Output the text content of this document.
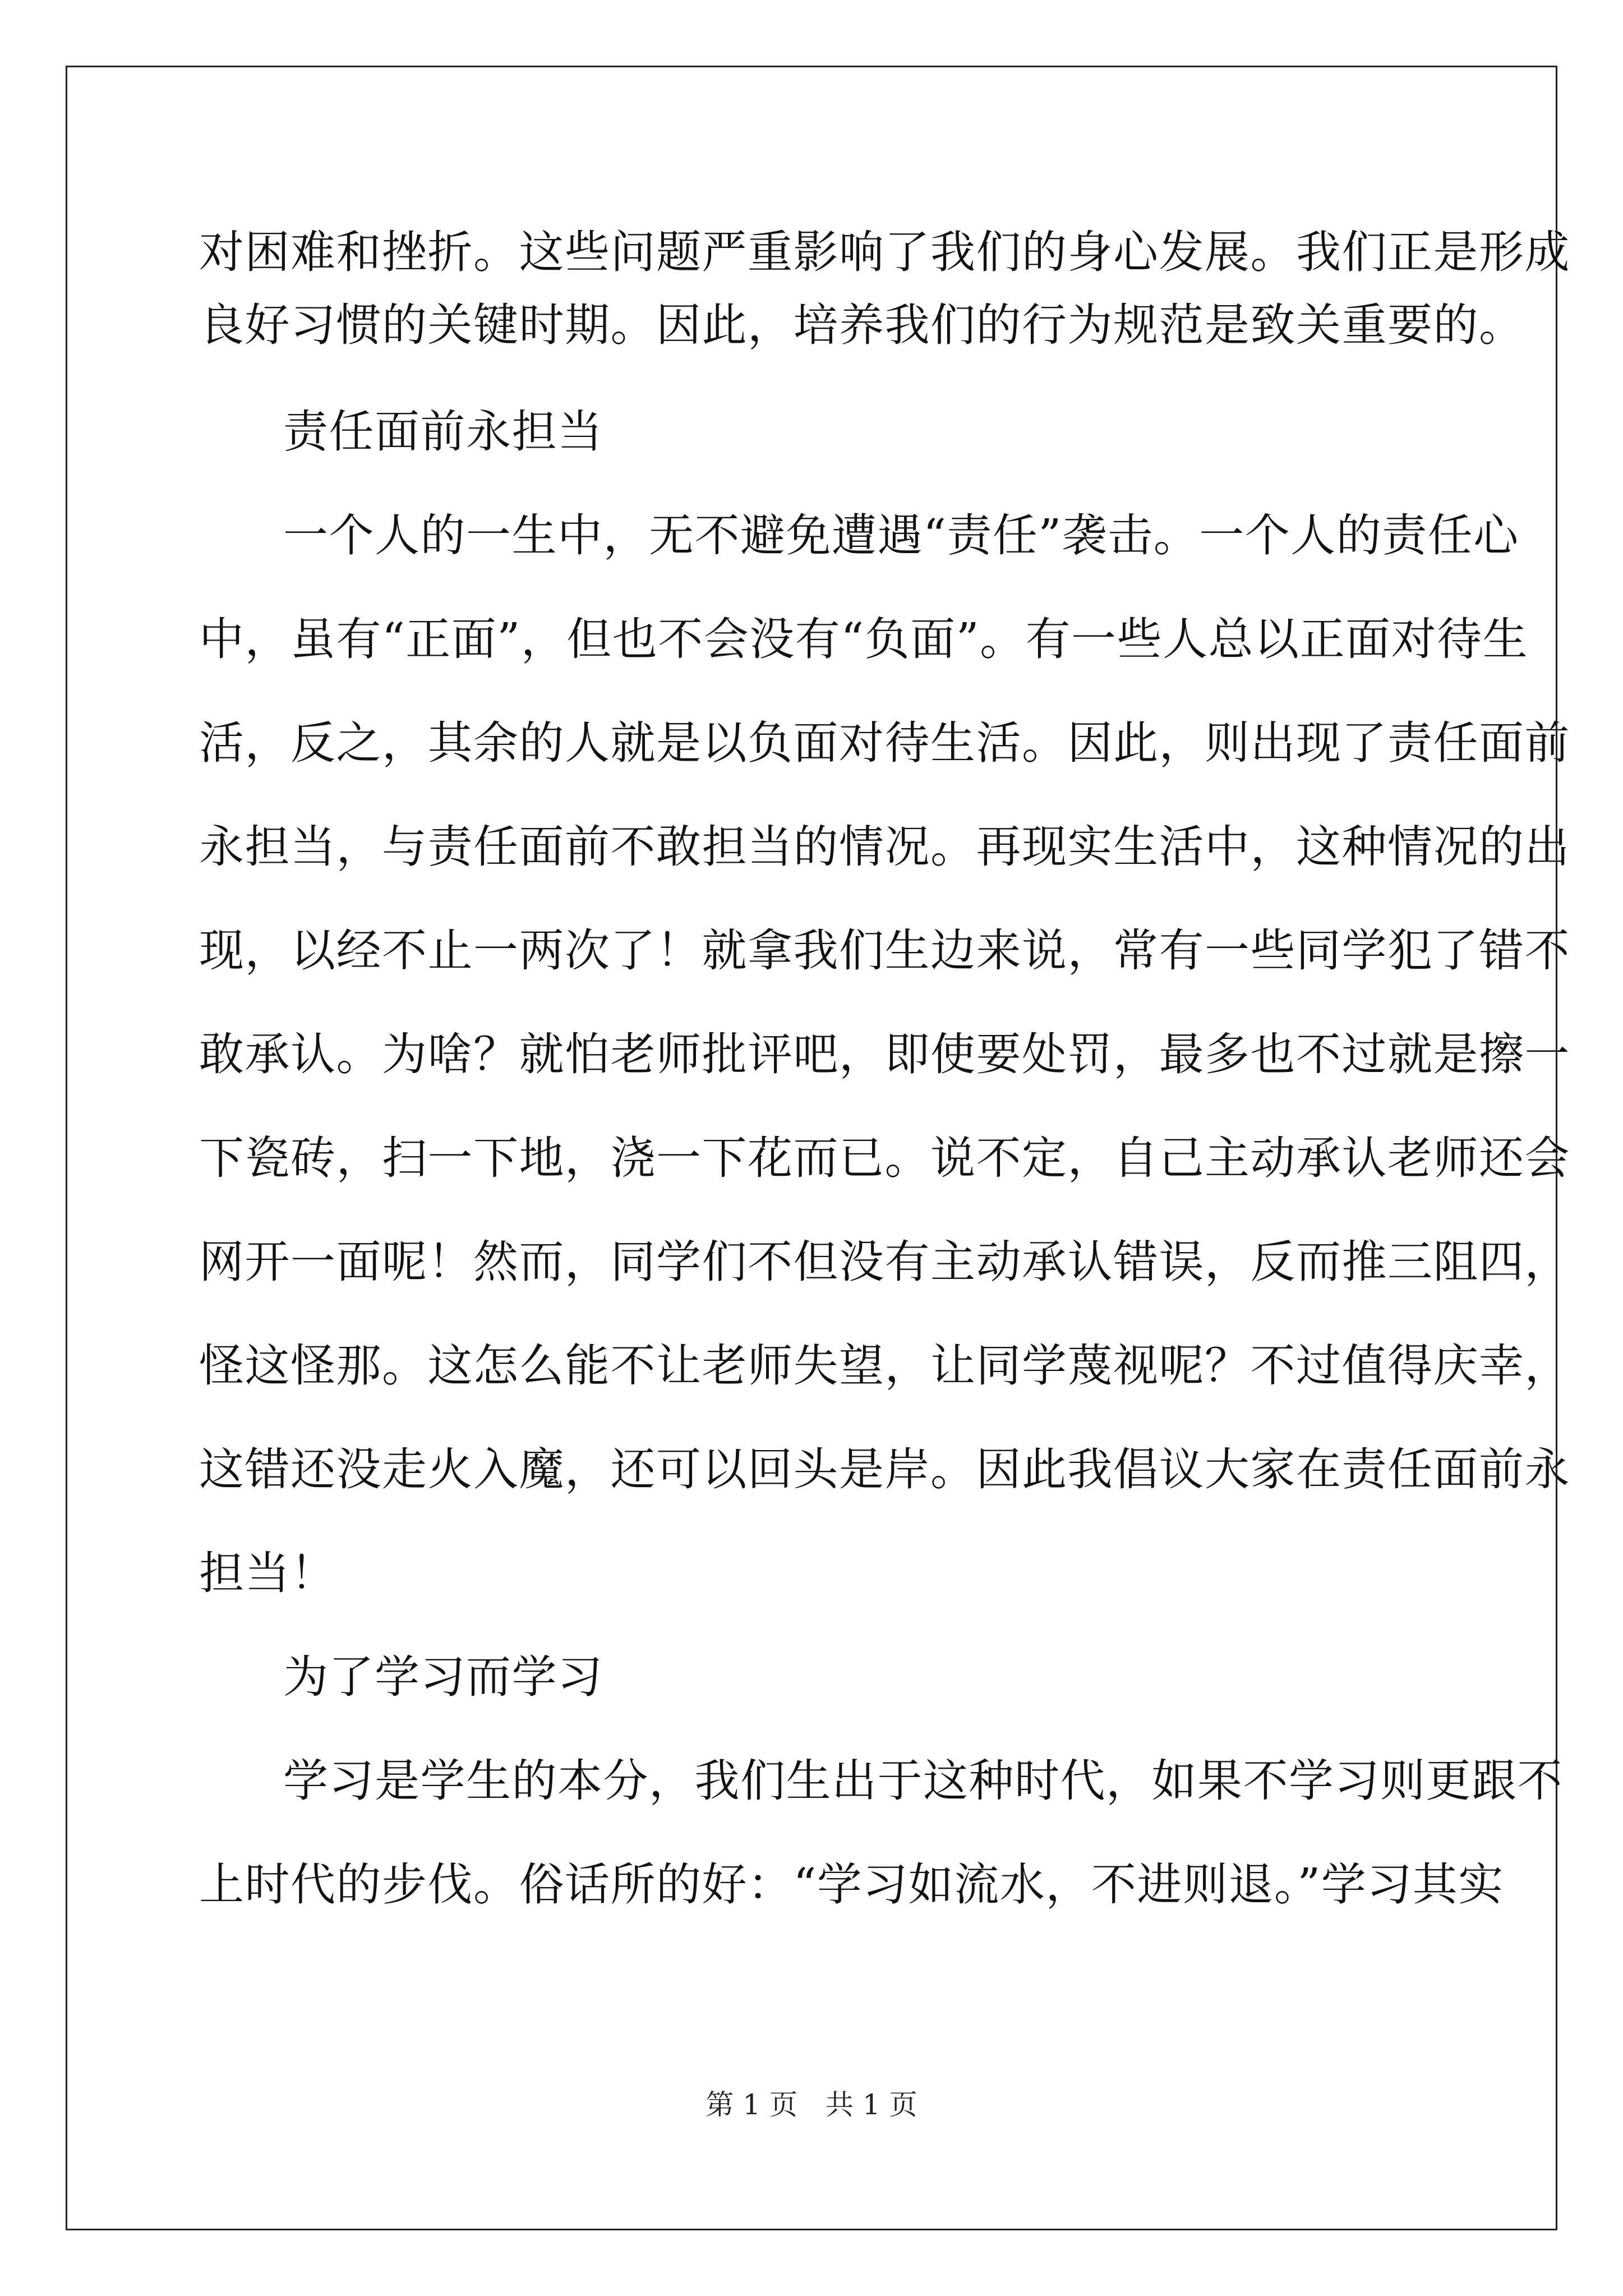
对困难和挫折。这些问题严重影响了我们的身心发展。我们正是形成
良好习惯的关键时期。因此，培养我们的行为规范是致关重要的。
责任面前永担当
一个人的一生中，无不避免遭遇“责任”袭击。一个人的责任心
中，虽有“正面”，但也不会没有“负面”。有一些人总以正面对待生
活，反之，其余的人就是以负面对待生活。因此，则出现了责任面前
永担当，与责任面前不敢担当的情况。再现实生活中，这种情况的出
现，以经不止一两次了！就拿我们生边来说，常有一些同学犯了错不
敢承认。为啥？就怕老师批评吧，即使要处罚，最多也不过就是擦一
下瓷砖，扫一下地，浇一下花而已。说不定，自己主动承认老师还会
网开一面呢！然而，同学们不但没有主动承认错误，反而推三阻四，
怪这怪那。这怎么能不让老师失望，让同学蔑视呢？不过值得庆幸，
这错还没走火入魔，还可以回头是岸。因此我倡议大家在责任面前永
担当！
为了学习而学习
学习是学生的本分，我们生出于这种时代，如果不学习则更跟不
上时代的步伐。俗话所的好：“学习如流水，不进则退。”学习其实
第 1 页　共 1 页
